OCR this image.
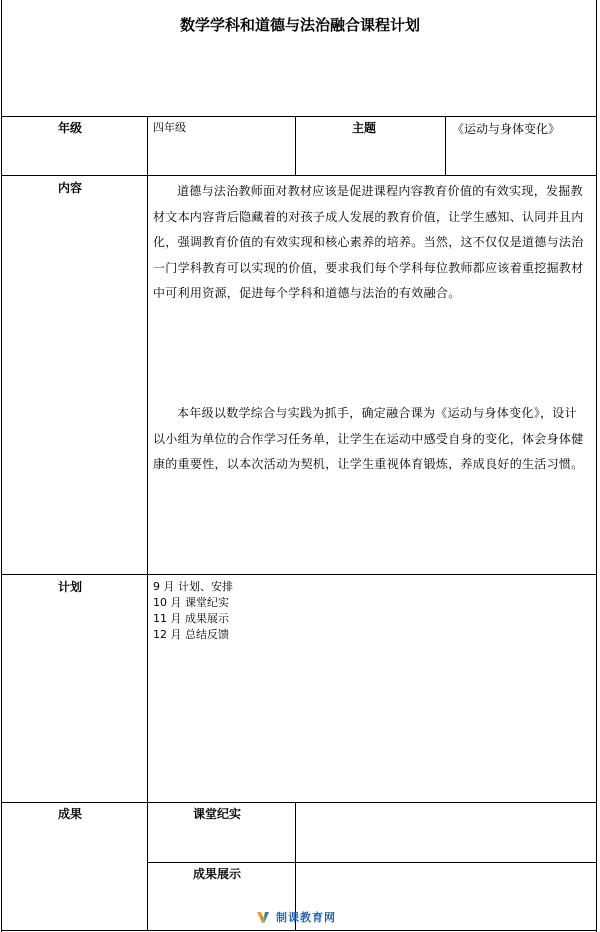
数学学科和道德与法治融合课程计划
年级	四年级	主题	《运动与身体变化》
内容	道德与法治教师面对教材应该是促进课程内容教育价值的有效实现，发掘教材文本内容背后隐藏着的对孩子成人发展的教育价值，让学生感知、认同并且内化，强调教育价值的有效实现和核心素养的培养。当然，这不仅仅是道德与法治一门学科教育可以实现的价值，要求我们每个学科每位教师都应该着重挖掘教材中可利用资源，促进每个学科和道德与法治的有效融合。

本年级以数学综合与实践为抓手，确定融合课为《运动与身体变化》，设计以小组为单位的合作学习任务单，让学生在运动中感受自身的变化，体会身体健康的重要性，以本次活动为契机，让学生重视体育锻炼，养成良好的生活习惯。

计划	9 月 计划、安排
10 月 课堂纪实
11 月 成果展示
12 月 总结反馈
成果	课堂纪实
成果展示
制课教育网
